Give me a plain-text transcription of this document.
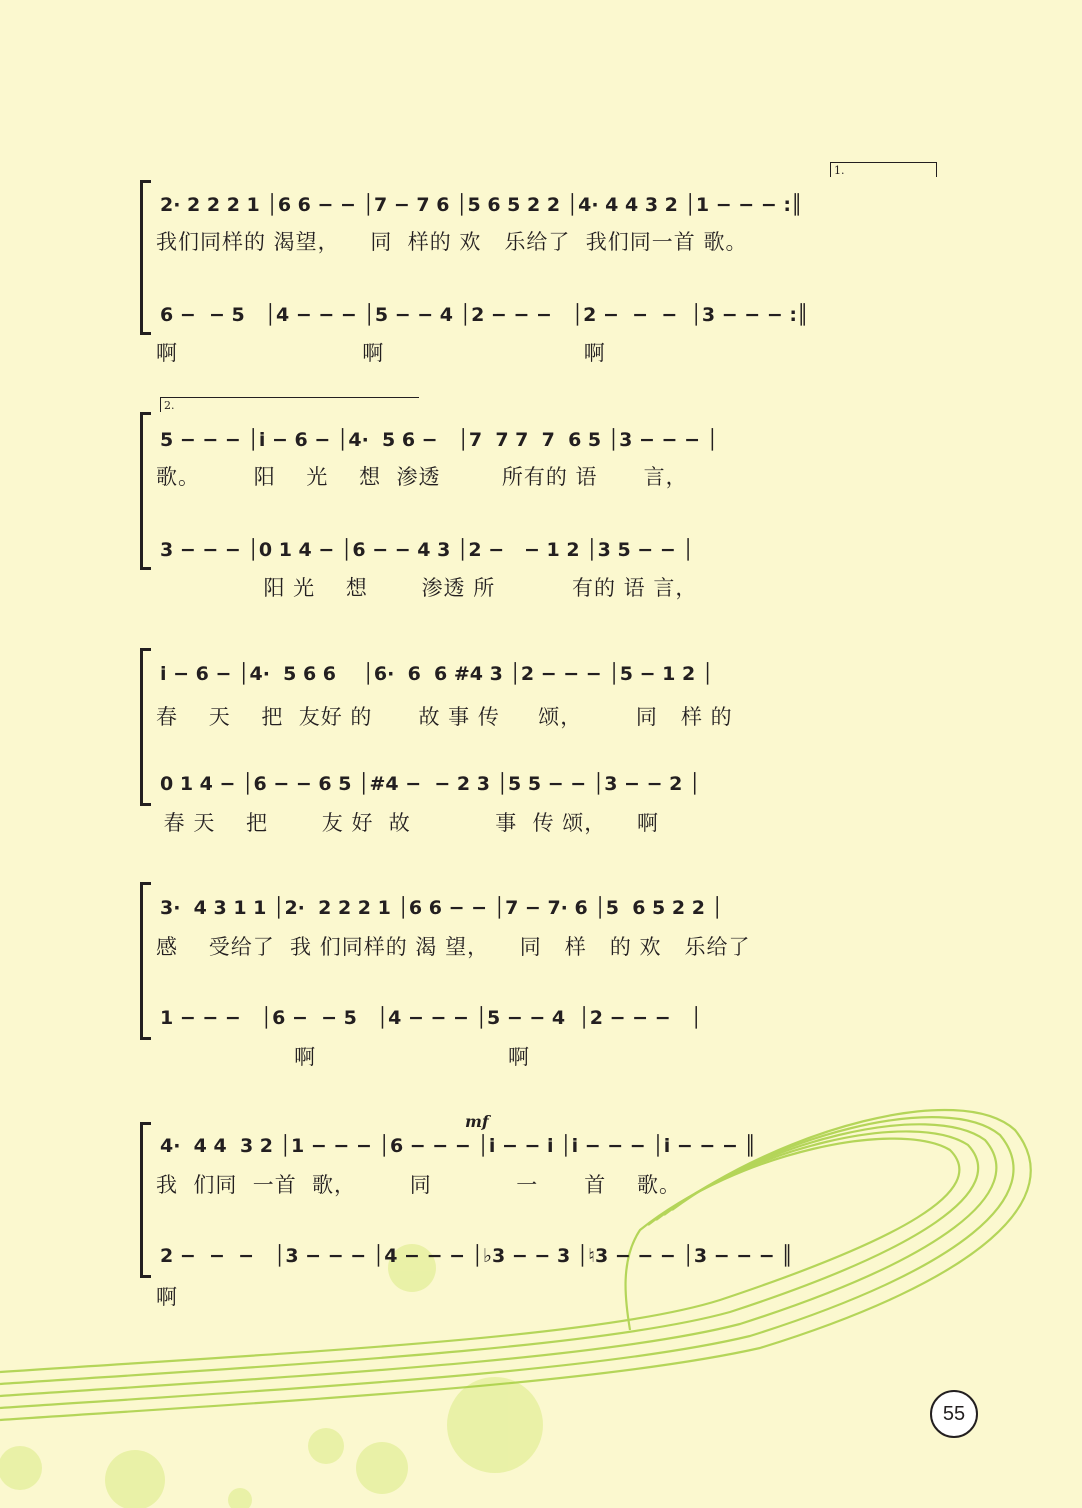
1.
2· 2 2 2 1 │6 6 − − │7 − 7 6 │5 6 5 2 2 │4· 4 4 3 2 │1 − − − :║
我们同样的 渴望，    同  样的 欢   乐给了  我们同一首 歌。
6 −  − 5   │4 − − − │5 − − 4 │2 − − −   │2 −  −  −  │3 − − − :║
啊                        啊                          啊
2.
5 − − − │i − 6 − │4·  5 6 −   │7  7 7  7  6 5 │3 − − − │
歌。       阳    光    想  渗透        所有的 语      言，
3 − − − │0 1 4 − │6 − − 4 3 │2 −   − 1 2 │3 5 − − │
阳 光    想       渗透 所          有的 语 言，
i − 6 − │4·  5 6 6    │6·  6  6 #4 3 │2 − − − │5 − 1 2 │
春    天    把  友好 的      故 事 传     颂，       同   样 的
0 1 4 − │6 − − 6 5 │#4 −  − 2 3 │5 5 − − │3 − − 2 │
春 天    把       友 好  故           事  传 颂，    啊
3·  4 3 1 1 │2·  2 2 2 1 │6 6 − − │7 − 7· 6 │5  6 5 2 2 │
感    受给了  我 们同样的 渴 望，    同   样   的 欢   乐给了
1 − − −   │6 −  − 5   │4 − − − │5 − − 4  │2 − − −   │
啊                         啊
mf
4·  4 4  3 2 │1 − − − │6 − − − │i − − i │i − − − │i − − − ║
我  们同  一首  歌，       同           一      首    歌。
2 −  −  −   │3 − − − │4 − − − │♭3 − − 3 │♮3 − − − │3 − − − ║
啊
55
